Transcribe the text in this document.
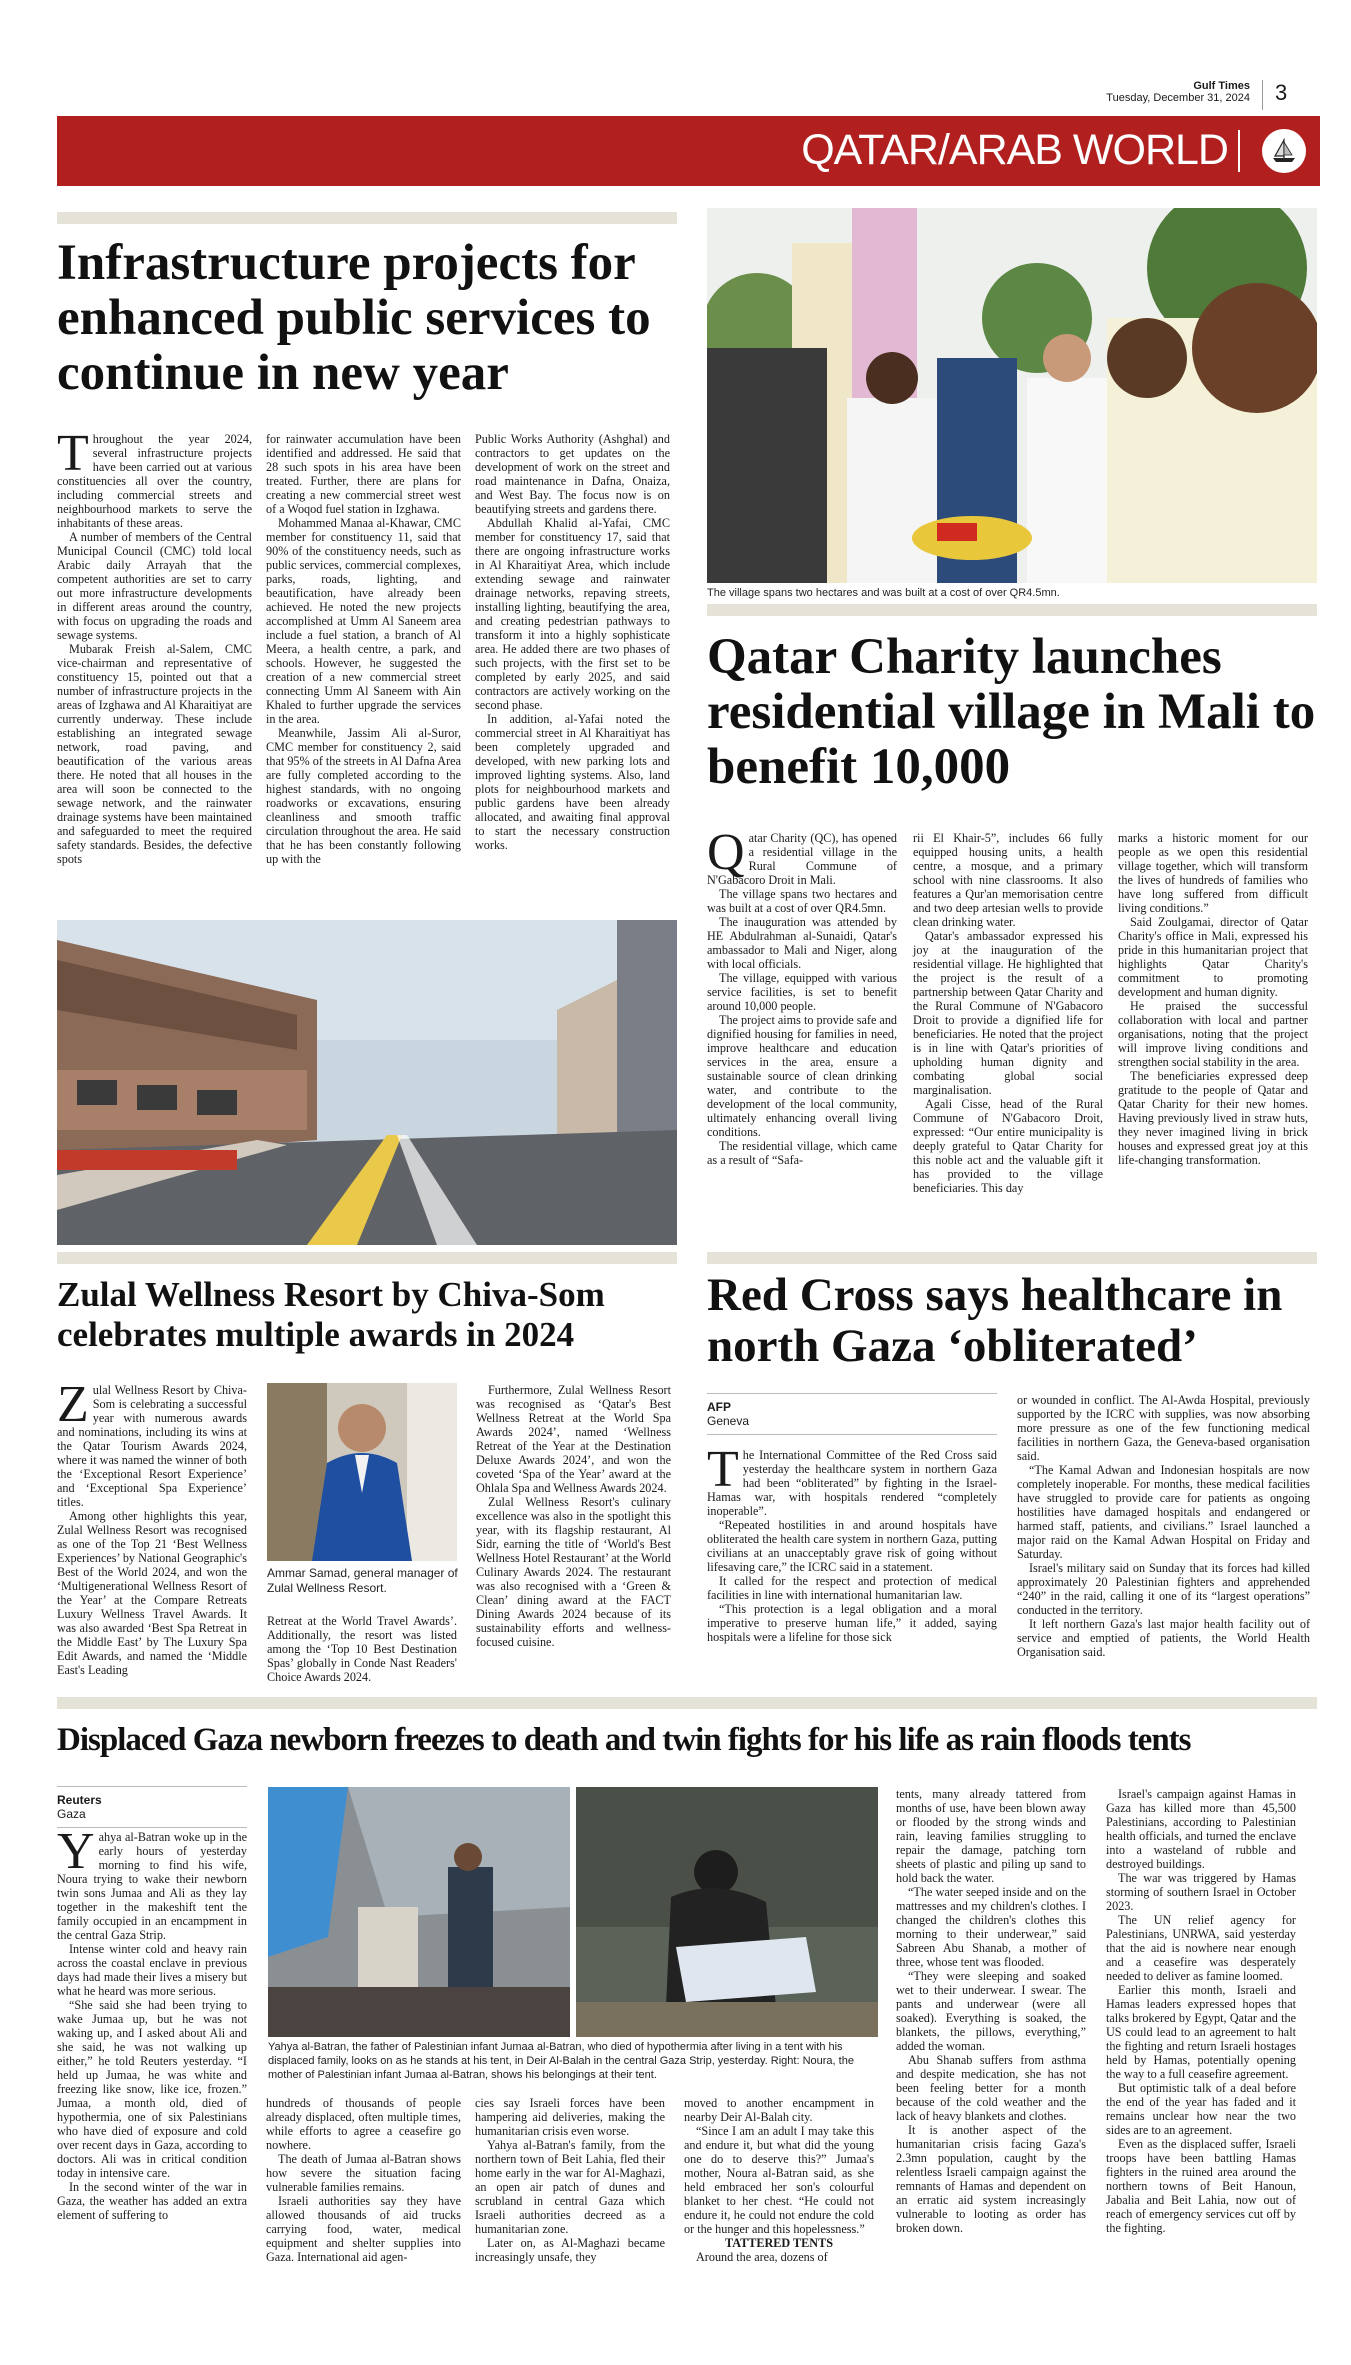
Gulf Times
Tuesday, December 31, 2024 3
QATAR/ARAB WORLD
Infrastructure projects for enhanced public services to continue in new year

Throughout the year 2024, several infrastructure projects have been carried out at various constituencies all over the country, including commercial streets and neighbourhood markets to serve the inhabitants of these areas.

A number of members of the Central Municipal Council (CMC) told local Arabic daily Arrayah that the competent authorities are set to carry out more infrastructure developments in different areas around the country, with focus on upgrading the roads and sewage systems.

Mubarak Freish al-Salem, CMC vice-chairman and representative of constituency 15, pointed out that a number of infrastructure projects in the areas of Izghawa and Al Kharaitiyat are currently underway. These include establishing an integrated sewage network, road paving, and beautification of the various areas there. He noted that all houses in the area will soon be connected to the sewage network, and the rainwater drainage systems have been maintained and safeguarded to meet the required safety standards. Besides, the defective spots

for rainwater accumulation have been identified and addressed. He said that 28 such spots in his area have been treated. Further, there are plans for creating a new commercial street west of a Woqod fuel station in Izghawa.

Mohammed Manaa al-Khawar, CMC member for constituency 11, said that 90% of the constituency needs, such as public services, commercial complexes, parks, roads, lighting, and beautification, have already been achieved. He noted the new projects accomplished at Umm Al Saneem area include a fuel station, a branch of Al Meera, a health centre, a park, and schools. However, he suggested the creation of a new commercial street connecting Umm Al Saneem with Ain Khaled to further upgrade the services in the area.

Meanwhile, Jassim Ali al-Suror, CMC member for constituency 2, said that 95% of the streets in Al Dafna Area are fully completed according to the highest standards, with no ongoing roadworks or excavations, ensuring cleanliness and smooth traffic circulation throughout the area. He said that he has been constantly following up with the

Public Works Authority (Ashghal) and contractors to get updates on the development of work on the street and road maintenance in Dafna, Onaiza, and West Bay. The focus now is on beautifying streets and gardens there.

Abdullah Khalid al-Yafai, CMC member for constituency 17, said that there are ongoing infrastructure works in Al Kharaitiyat Area, which include extending sewage and rainwater drainage networks, repaving streets, installing lighting, beautifying the area, and creating pedestrian pathways to transform it into a highly sophisticate area. He added there are two phases of such projects, with the first set to be completed by early 2025, and said contractors are actively working on the second phase.

In addition, al-Yafai noted the commercial street in Al Kharaitiyat has been completely upgraded and developed, with new parking lots and improved lighting systems. Also, land plots for neighbourhood markets and public gardens have been already allocated, and awaiting final approval to start the necessary construction works.

The village spans two hectares and was built at a cost of over QR4.5mn.
Qatar Charity launches residential village in Mali to benefit 10,000

Qatar Charity (QC), has opened a residential village in the Rural Commune of N'Gabacoro Droit in Mali.

The village spans two hectares and was built at a cost of over QR4.5mn.

The inauguration was attended by HE Abdulrahman al-Sunaidi, Qatar's ambassador to Mali and Niger, along with local officials.

The village, equipped with various service facilities, is set to benefit around 10,000 people.

The project aims to provide safe and dignified housing for families in need, improve healthcare and education services in the area, ensure a sustainable source of clean drinking water, and contribute to the development of the local community, ultimately enhancing overall living conditions.

The residential village, which came as a result of “Safa-

rii El Khair-5”, includes 66 fully equipped housing units, a health centre, a mosque, and a primary school with nine classrooms. It also features a Qur'an memorisation centre and two deep artesian wells to provide clean drinking water.

Qatar's ambassador expressed his joy at the inauguration of the residential village. He highlighted that the project is the result of a partnership between Qatar Charity and the Rural Commune of N'Gabacoro Droit to provide a dignified life for beneficiaries. He noted that the project is in line with Qatar's priorities of upholding human dignity and combating global social marginalisation.

Agali Cisse, head of the Rural Commune of N'Gabacoro Droit, expressed: “Our entire municipality is deeply grateful to Qatar Charity for this noble act and the valuable gift it has provided to the village beneficiaries. This day

marks a historic moment for our people as we open this residential village together, which will transform the lives of hundreds of families who have long suffered from difficult living conditions.”

Said Zoulgamai, director of Qatar Charity's office in Mali, expressed his pride in this humanitarian project that highlights Qatar Charity's commitment to promoting development and human dignity.

He praised the successful collaboration with local and partner organisations, noting that the project will improve living conditions and strengthen social stability in the area.

The beneficiaries expressed deep gratitude to the people of Qatar and Qatar Charity for their new homes. Having previously lived in straw huts, they never imagined living in brick houses and expressed great joy at this life-changing transformation.

Zulal Wellness Resort by Chiva-Som celebrates multiple awards in 2024

Zulal Wellness Resort by Chiva-Som is celebrating a successful year with numerous awards and nominations, including its wins at the Qatar Tourism Awards 2024, where it was named the winner of both the ‘Exceptional Resort Experience’ and ‘Exceptional Spa Experience’ titles.

Among other highlights this year, Zulal Wellness Resort was recognised as one of the Top 21 ‘Best Wellness Experiences’ by National Geographic's Best of the World 2024, and won the ‘Multigenerational Wellness Resort of the Year’ at the Compare Retreats Luxury Wellness Travel Awards. It was also awarded ‘Best Spa Retreat in the Middle East’ by The Luxury Spa Edit Awards, and named the ‘Middle East's Leading

Ammar Samad, general manager of Zulal Wellness Resort.

Retreat at the World Travel Awards’. Additionally, the resort was listed among the ‘Top 10 Best Destination Spas’ globally in Conde Nast Readers' Choice Awards 2024.

Furthermore, Zulal Wellness Resort was recognised as ‘Qatar's Best Wellness Retreat at the World Spa Awards 2024’, named ‘Wellness Retreat of the Year at the Destination Deluxe Awards 2024’, and won the coveted ‘Spa of the Year’ award at the Ohlala Spa and Wellness Awards 2024.

Zulal Wellness Resort's culinary excellence was also in the spotlight this year, with its flagship restaurant, Al Sidr, earning the title of ‘World's Best Wellness Hotel Restaurant’ at the World Culinary Awards 2024. The restaurant was also recognised with a ‘Green & Clean’ dining award at the FACT Dining Awards 2024 because of its sustainability efforts and wellness-focused cuisine.

Red Cross says healthcare in north Gaza ‘obliterated’
AFP
Geneva

The International Committee of the Red Cross said yesterday the healthcare system in northern Gaza had been “obliterated” by fighting in the Israel-Hamas war, with hospitals rendered “completely inoperable”.

“Repeated hostilities in and around hospitals have obliterated the health care system in northern Gaza, putting civilians at an unacceptably grave risk of going without lifesaving care,” the ICRC said in a statement.

It called for the respect and protection of medical facilities in line with international humanitarian law.

“This protection is a legal obligation and a moral imperative to preserve human life,” it added, saying hospitals were a lifeline for those sick

or wounded in conflict. The Al-Awda Hospital, previously supported by the ICRC with supplies, was now absorbing more pressure as one of the few functioning medical facilities in northern Gaza, the Geneva-based organisation said.

“The Kamal Adwan and Indonesian hospitals are now completely inoperable. For months, these medical facilities have struggled to provide care for patients as ongoing hostilities have damaged hospitals and endangered or harmed staff, patients, and civilians.” Israel launched a major raid on the Kamal Adwan Hospital on Friday and Saturday.

Israel's military said on Sunday that its forces had killed approximately 20 Palestinian fighters and apprehended “240” in the raid, calling it one of its “largest operations” conducted in the territory.

It left northern Gaza's last major health facility out of service and emptied of patients, the World Health Organisation said.

Displaced Gaza newborn freezes to death and twin fights for his life as rain floods tents
Reuters
Gaza

Yahya al-Batran woke up in the early hours of yesterday morning to find his wife, Noura trying to wake their newborn twin sons Jumaa and Ali as they lay together in the makeshift tent the family occupied in an encampment in the central Gaza Strip.

Intense winter cold and heavy rain across the coastal enclave in previous days had made their lives a misery but what he heard was more serious.

“She said she had been trying to wake Jumaa up, but he was not waking up, and I asked about Ali and she said, he was not walking up either,” he told Reuters yesterday. “I held up Jumaa, he was white and freezing like snow, like ice, frozen.” Jumaa, a month old, died of hypothermia, one of six Palestinians who have died of exposure and cold over recent days in Gaza, according to doctors. Ali was in critical condition today in intensive care.

In the second winter of the war in Gaza, the weather has added an extra element of suffering to

Yahya al-Batran, the father of Palestinian infant Jumaa al-Batran, who died of hypothermia after living in a tent with his displaced family, looks on as he stands at his tent, in Deir Al-Balah in the central Gaza Strip, yesterday. Right: Noura, the mother of Palestinian infant Jumaa al-Batran, shows his belongings at their tent.

hundreds of thousands of people already displaced, often multiple times, while efforts to agree a ceasefire go nowhere.

The death of Jumaa al-Batran shows how severe the situation facing vulnerable families remains.

Israeli authorities say they have allowed thousands of aid trucks carrying food, water, medical equipment and shelter supplies into Gaza. International aid agen-

cies say Israeli forces have been hampering aid deliveries, making the humanitarian crisis even worse.

Yahya al-Batran's family, from the northern town of Beit Lahia, fled their home early in the war for Al-Maghazi, an open air patch of dunes and scrubland in central Gaza which Israeli authorities decreed as a humanitarian zone.

Later on, as Al-Maghazi became increasingly unsafe, they

moved to another encampment in nearby Deir Al-Balah city.

“Since I am an adult I may take this and endure it, but what did the young one do to deserve this?” Jumaa's mother, Noura al-Batran said, as she held embraced her son's colourful blanket to her chest. “He could not endure it, he could not endure the cold or the hunger and this hopelessness.”

TATTERED TENTS

Around the area, dozens of

tents, many already tattered from months of use, have been blown away or flooded by the strong winds and rain, leaving families struggling to repair the damage, patching torn sheets of plastic and piling up sand to hold back the water.

“The water seeped inside and on the mattresses and my children's clothes. I changed the children's clothes this morning to their underwear,” said Sabreen Abu Shanab, a mother of three, whose tent was flooded.

“They were sleeping and soaked wet to their underwear. I swear. The pants and underwear (were all soaked). Everything is soaked, the blankets, the pillows, everything,” added the woman.

Abu Shanab suffers from asthma and despite medication, she has not been feeling better for a month because of the cold weather and the lack of heavy blankets and clothes.

It is another aspect of the humanitarian crisis facing Gaza's 2.3mn population, caught by the relentless Israeli campaign against the remnants of Hamas and dependent on an erratic aid system increasingly vulnerable to looting as order has broken down.

Israel's campaign against Hamas in Gaza has killed more than 45,500 Palestinians, according to Palestinian health officials, and turned the enclave into a wasteland of rubble and destroyed buildings.

The war was triggered by Hamas storming of southern Israel in October 2023.

The UN relief agency for Palestinians, UNRWA, said yesterday that the aid is nowhere near enough and a ceasefire was desperately needed to deliver as famine loomed.

Earlier this month, Israeli and Hamas leaders expressed hopes that talks brokered by Egypt, Qatar and the US could lead to an agreement to halt the fighting and return Israeli hostages held by Hamas, potentially opening the way to a full ceasefire agreement.

But optimistic talk of a deal before the end of the year has faded and it remains unclear how near the two sides are to an agreement.

Even as the displaced suffer, Israeli troops have been battling Hamas fighters in the ruined area around the northern towns of Beit Hanoun, Jabalia and Beit Lahia, now out of reach of emergency services cut off by the fighting.
